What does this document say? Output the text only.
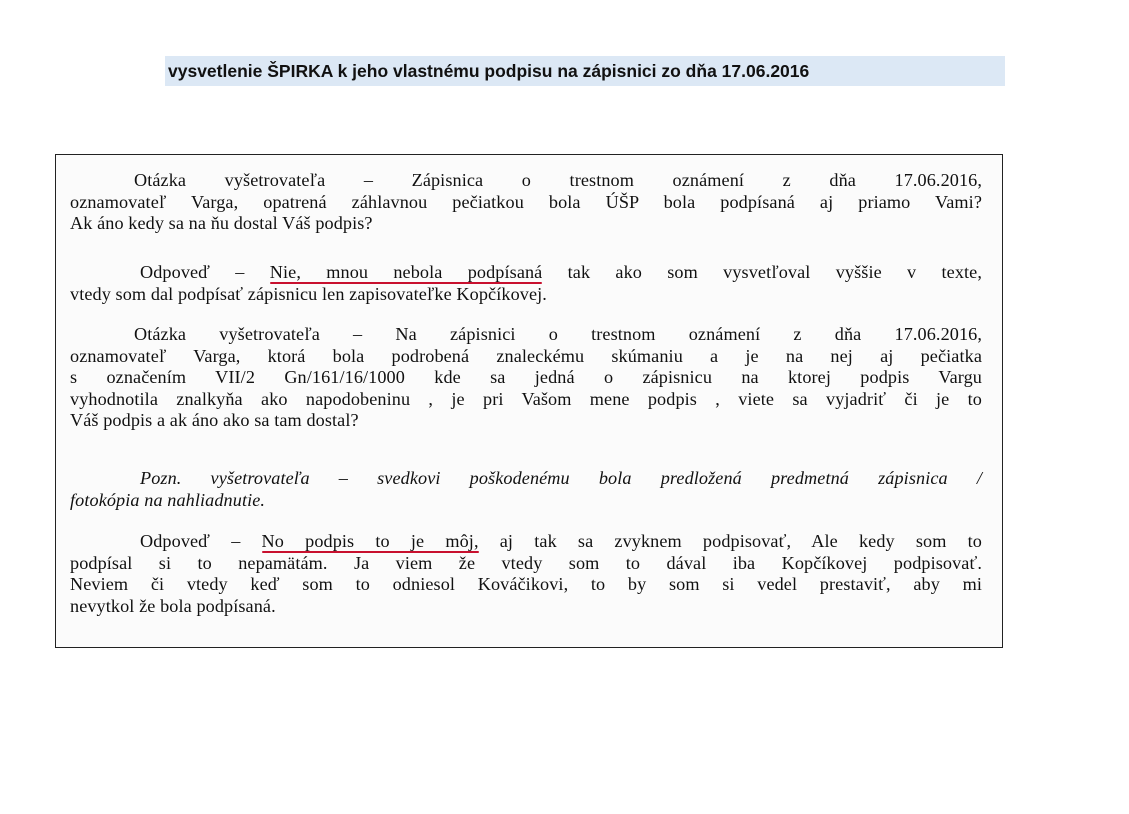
vysvetlenie ŠPIRKA k jeho vlastnému podpisu na zápisnici zo dňa 17.06.2016
Otázka vyšetrovateľa – Zápisnica o trestnom oznámení z dňa 17.06.2016,
oznamovateľ Varga, opatrená záhlavnou pečiatkou bola ÚŠP bola podpísaná aj priamo Vami?
Ak áno kedy sa na ňu dostal Váš podpis?
Odpoveď – Nie, mnou nebola podpísaná tak ako som vysvetľoval vyššie v texte,
vtedy som dal podpísať zápisnicu len zapisovateľke Kopčíkovej.
Otázka vyšetrovateľa – Na zápisnici o trestnom oznámení z dňa 17.06.2016,
oznamovateľ Varga, ktorá bola podrobená znaleckému skúmaniu a je na nej aj pečiatka
s označením VII/2 Gn/161/16/1000 kde sa jedná o zápisnicu na ktorej podpis Vargu
vyhodnotila znalkyňa ako napodobeninu , je pri Vašom mene podpis , viete sa vyjadriť či je to
Váš podpis a ak áno ako sa tam dostal?
Pozn. vyšetrovateľa – svedkovi poškodenému bola predložená predmetná zápisnica /
fotokópia na nahliadnutie.
Odpoveď – No podpis to je môj, aj tak sa zvyknem podpisovať, Ale kedy som to
podpísal si to nepamätám. Ja viem že vtedy som to dával iba Kopčíkovej podpisovať.
Neviem či vtedy keď som to odniesol Kováčikovi, to by som si vedel prestaviť, aby mi
nevytkol že bola podpísaná.
